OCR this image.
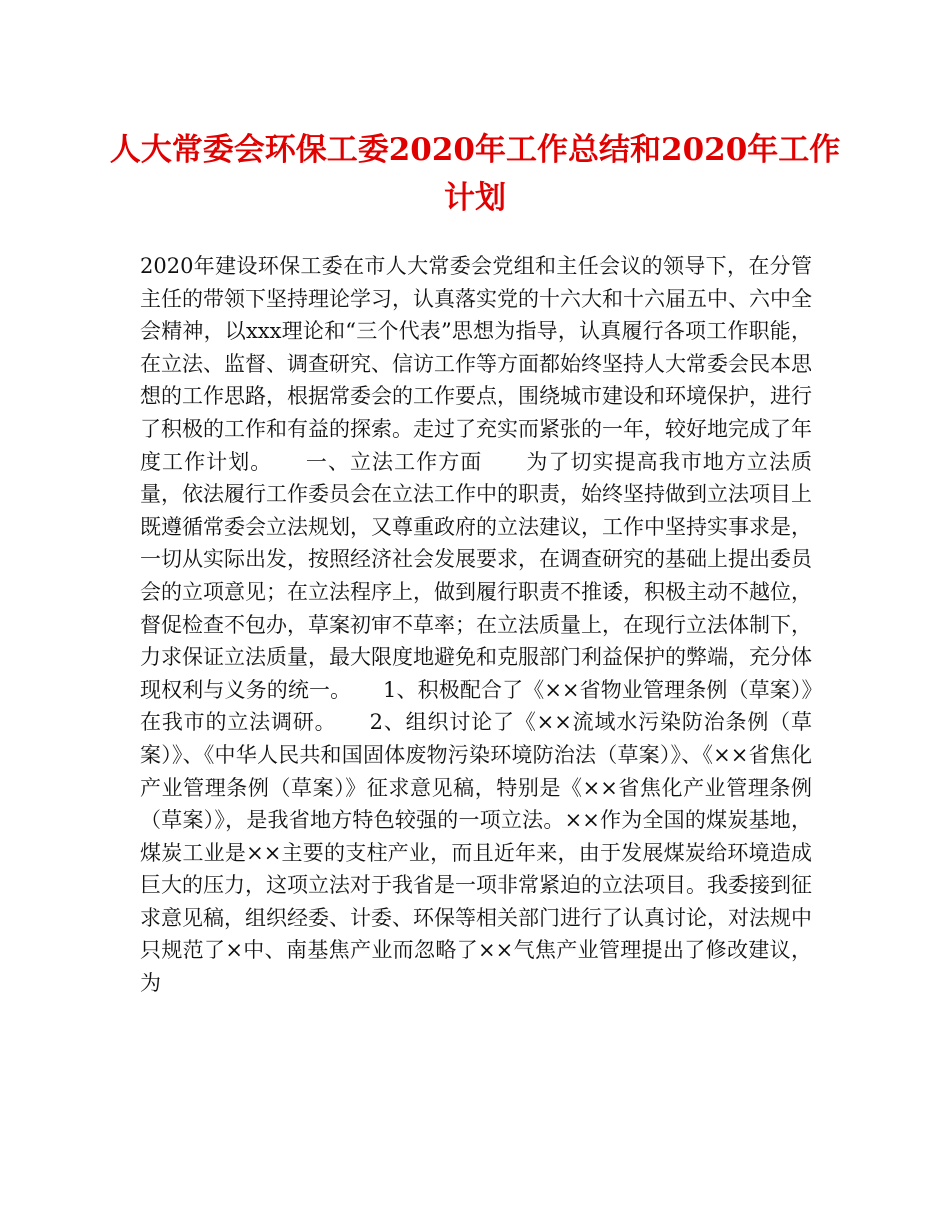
人大常委会环保工委2020年工作总结和2020年工作计划

2020年建设环保工委在市人大常委会党组和主任会议的领导下，在分管主任的带领下坚持理论学习，认真落实党的十六大和十六届五中、六中全会精神，以xxx理论和“三个代表”思想为指导，认真履行各项工作职能，在立法、监督、调查研究、信访工作等方面都始终坚持人大常委会民本思想的工作思路，根据常委会的工作要点，围绕城市建设和环境保护，进行了积极的工作和有益的探索。走过了充实而紧张的一年，较好地完成了年度工作计划。　　一、立法工作方面　　为了切实提高我市地方立法质量，依法履行工作委员会在立法工作中的职责，始终坚持做到立法项目上既遵循常委会立法规划，又尊重政府的立法建议，工作中坚持实事求是，一切从实际出发，按照经济社会发展要求，在调查研究的基础上提出委员会的立项意见；在立法程序上，做到履行职责不推诿，积极主动不越位，督促检查不包办，草案初审不草率；在立法质量上，在现行立法体制下，力求保证立法质量，最大限度地避免和克服部门利益保护的弊端，充分体现权利与义务的统一。　　1、积极配合了《××省物业管理条例（草案）》在我市的立法调研。　　2、组织讨论了《××流域水污染防治条例（草案）》、《中华人民共和国固体废物污染环境防治法（草案）》、《××省焦化产业管理条例（草案）》征求意见稿，特别是《××省焦化产业管理条例（草案）》，是我省地方特色较强的一项立法。××作为全国的煤炭基地，煤炭工业是××主要的支柱产业，而且近年来，由于发展煤炭给环境造成巨大的压力，这项立法对于我省是一项非常紧迫的立法项目。我委接到征求意见稿，组织经委、计委、环保等相关部门进行了认真讨论，对法规中只规范了×中、南基焦产业而忽略了××气焦产业管理提出了修改建议，为
